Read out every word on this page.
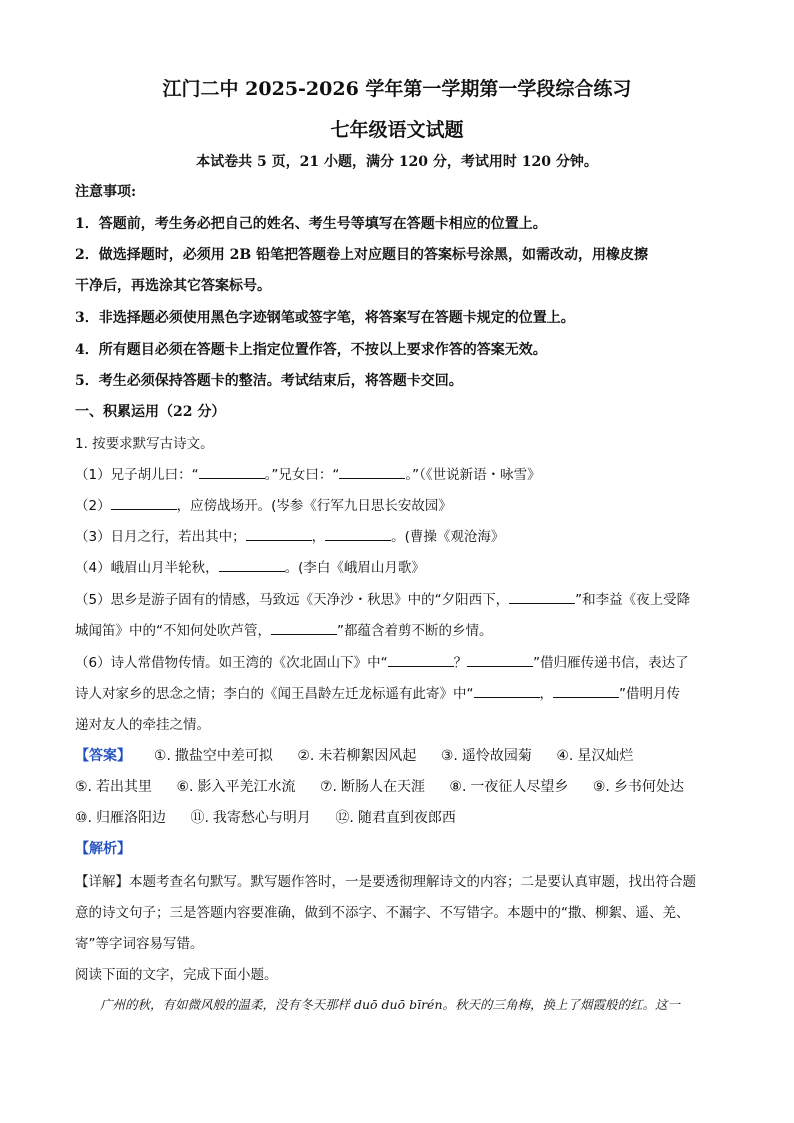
江门二中 2025-2026 学年第一学期第一学段综合练习
七年级语文试题
本试卷共 5 页，21 小题，满分 120 分，考试用时 120 分钟。
注意事项:
1．答题前，考生务必把自己的姓名、考生号等填写在答题卡相应的位置上。
2．做选择题时，必须用 2B 铅笔把答题卷上对应题目的答案标号涂黑，如需改动，用橡皮擦
干净后，再选涂其它答案标号。
3．非选择题必须使用黑色字迹钢笔或签字笔，将答案写在答题卡规定的位置上。
4．所有题目必须在答题卡上指定位置作答，不按以上要求作答的答案无效。
5．考生必须保持答题卡的整洁。考试结束后，将答题卡交回。
一、积累运用（22 分）
1. 按要求默写古诗文。
（1）兄子胡儿曰：“	。”兄女曰：“	。”（《世说新语・咏雪》
（2）	，应傍战场开。(岑参《行军九日思长安故园》
（3）日月之行，若出其中；	，	。(曹操《观沧海》
（4）峨眉山月半轮秋，	。(李白《峨眉山月歌》
（5）思乡是游子固有的情感，马致远《天净沙・秋思》中的“夕阳西下，	”和李益《夜上受降
城闻笛》中的“不知何处吹芦管，	”都蕴含着剪不断的乡情。
（6）诗人常借物传情。如王湾的《次北固山下》中“	？	”借归雁传递书信，表达了
诗人对家乡的思念之情；李白的《闻王昌龄左迁龙标遥有此寄》中“	，	”借明月传
递对友人的牵挂之情。
【答案】 ①. 撒盐空中差可拟 ②. 未若柳絮因风起 ③. 遥怜故园菊 ④. 星汉灿烂
⑤. 若出其里 ⑥. 影入平羌江水流 ⑦. 断肠人在天涯 ⑧. 一夜征人尽望乡 ⑨. 乡书何处达
⑩. 归雁洛阳边 ⑪. 我寄愁心与明月 ⑫. 随君直到夜郎西
【解析】
【详解】本题考查名句默写。默写题作答时，一是要透彻理解诗文的内容；二是要认真审题，找出符合题
意的诗文句子；三是答题内容要准确，做到不添字、不漏字、不写错字。本题中的“撒、柳絮、遥、羌、
寄”等字词容易写错。
阅读下面的文字，完成下面小题。
广州的秋，有如微风般的温柔，没有冬天那样 duō duō bīrén。秋天的三角梅，换上了烟霞般的红。这一
